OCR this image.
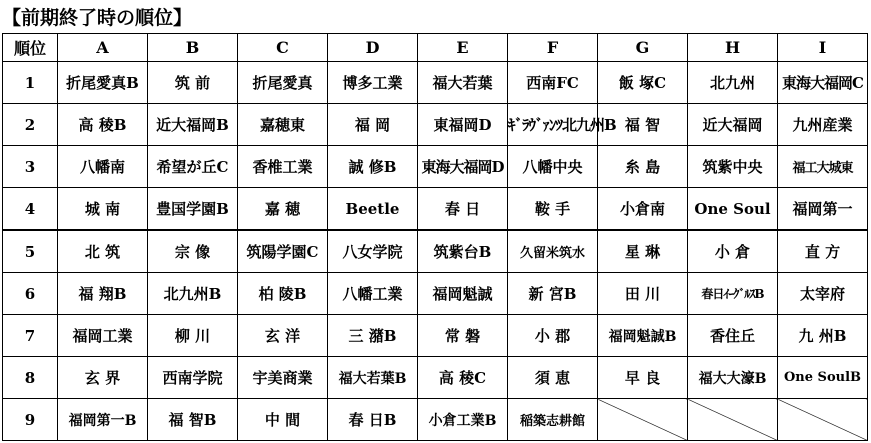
【前期終了時の順位】
順位	A	B	C	D	E	F	G	H	I
1	折尾愛真B	筑 前	折尾愛真	博多工業	福大若葉	西南FC	飯 塚C	北九州	東海大福岡C
2	高 稜B	近大福岡B	嘉穂東	福 岡	東福岡D	ｷﾞﾗｳﾞｧﾝﾂ北九州B	福 智	近大福岡	九州産業
3	八幡南	希望が丘C	香椎工業	誠 修B	東海大福岡D	八幡中央	糸 島	筑紫中央	福工大城東
4	城 南	豊国学園B	嘉 穂	Beetle	春 日	鞍 手	小倉南	One Soul	福岡第一
5	北 筑	宗 像	筑陽学園C	八女学院	筑紫台B	久留米筑水	星 琳	小 倉	直 方
6	福 翔B	北九州B	柏 陵B	八幡工業	福岡魁誠	新 宮B	田 川	春日ｲｰｸﾞﾙｽB	太宰府
7	福岡工業	柳 川	玄 洋	三 潴B	常 磐	小 郡	福岡魁誠B	香住丘	九 州B
8	玄 界	西南学院	宇美商業	福大若葉B	高 稜C	須 恵	早 良	福大大濠B	One SoulB
9	福岡第一B	福 智B	中 間	春 日B	小倉工業B	稲築志耕館			
